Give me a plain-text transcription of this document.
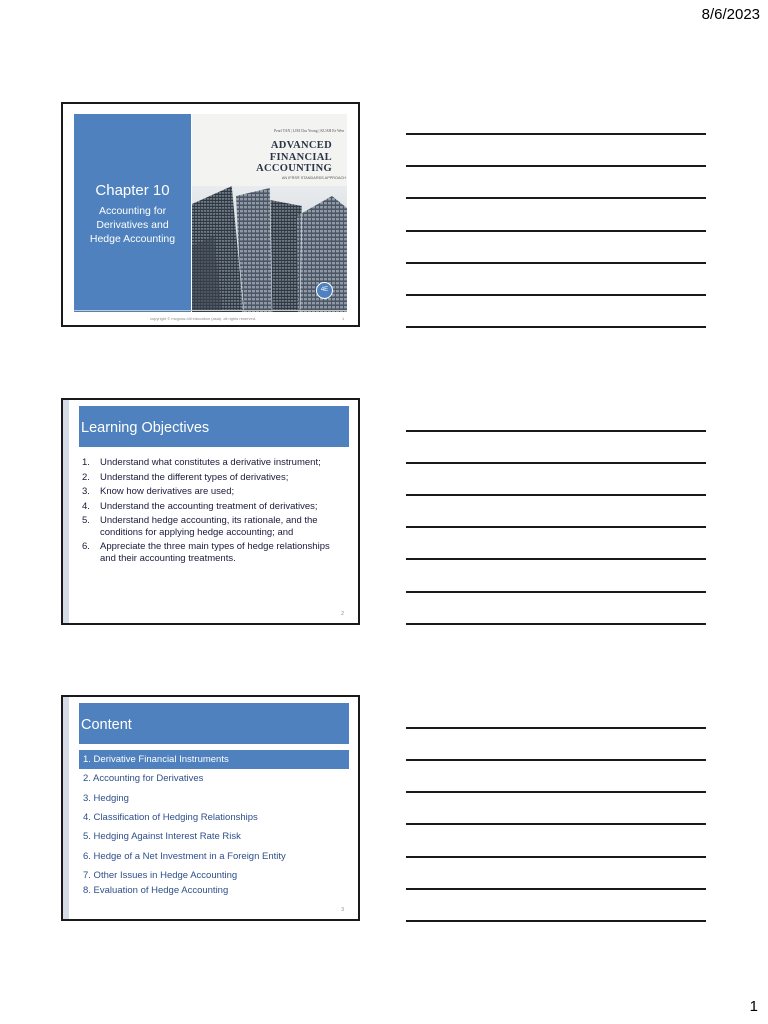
8/6/2023
Chapter 10
Accounting for Derivatives and Hedge Accounting
Pearl TAN | LIM Chu Yeong | KUAH Ee Wen
ADVANCED
FINANCIAL
ACCOUNTING
AN IFRS® STANDARDS APPROACH
4E
copyright © mcgraw-hill education (asia). all rights reserved.	1
Learning Objectives
1. Understand what constitutes a derivative instrument;
2. Understand the different types of derivatives;
3. Know how derivatives are used;
4. Understand the accounting treatment of derivatives;
5. Understand hedge accounting, its rationale, and the conditions for applying hedge accounting; and
6. Appreciate the three main types of hedge relationships and their accounting treatments.
2
Content
1. Derivative Financial Instruments
2. Accounting for Derivatives
3. Hedging
4. Classification of Hedging Relationships
5. Hedging Against Interest Rate Risk
6. Hedge of a Net Investment in a Foreign Entity
7. Other Issues in Hedge Accounting
8. Evaluation of Hedge Accounting
3
1
